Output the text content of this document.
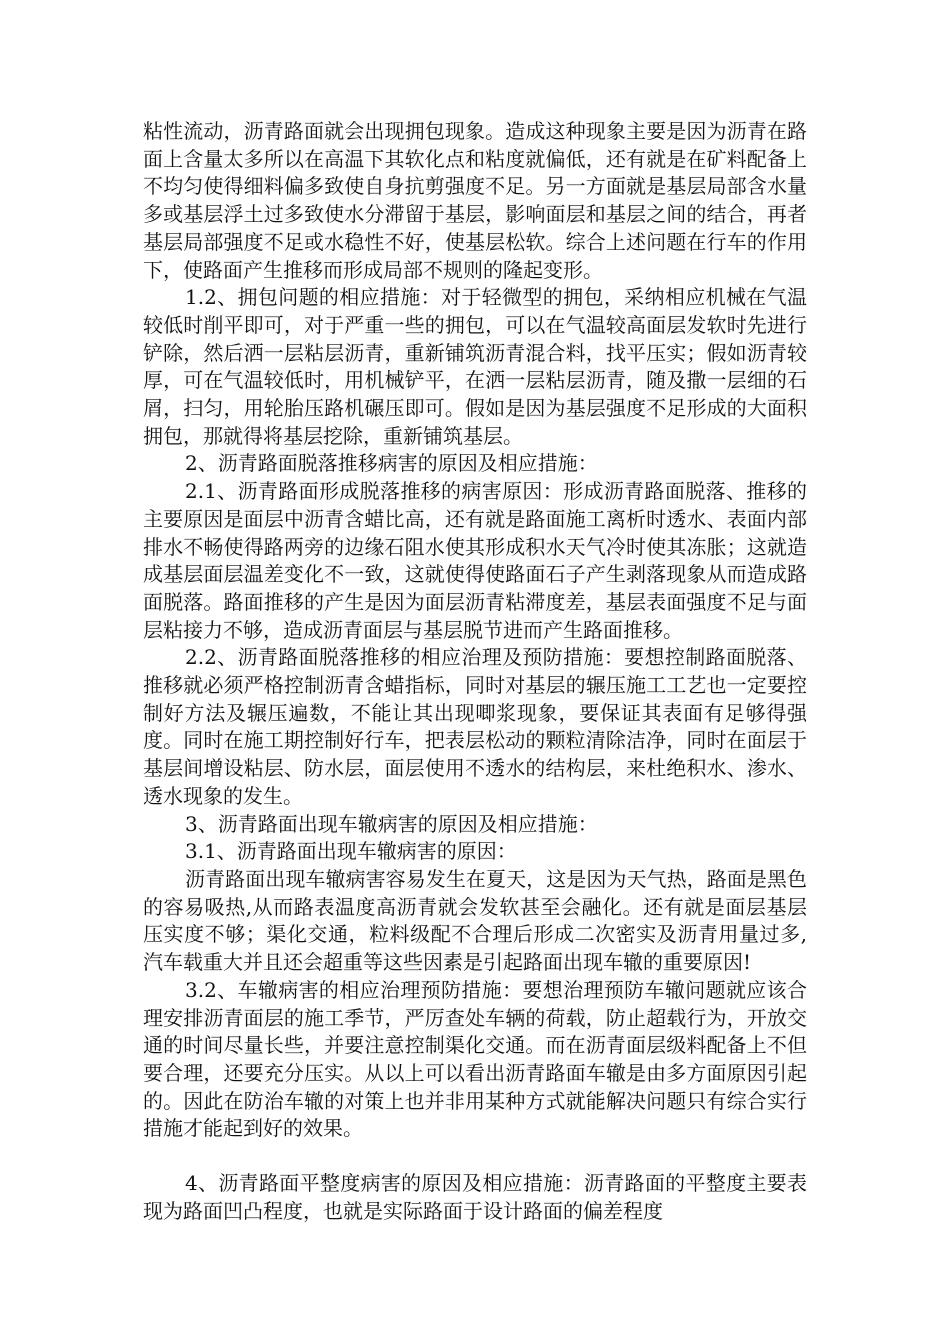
粘性流动，沥青路面就会出现拥包现象。造成这种现象主要是因为沥青在路面上含量太多所以在高温下其软化点和粘度就偏低，还有就是在矿料配备上不均匀使得细料偏多致使自身抗剪强度不足。另一方面就是基层局部含水量多或基层浮土过多致使水分滞留于基层，影响面层和基层之间的结合，再者基层局部强度不足或水稳性不好，使基层松软。综合上述问题在行车的作用下，使路面产生推移而形成局部不规则的隆起变形。

1.2、拥包问题的相应措施：对于轻微型的拥包，采纳相应机械在气温较低时削平即可，对于严重一些的拥包，可以在气温较高面层发软时先进行铲除，然后洒一层粘层沥青，重新铺筑沥青混合料，找平压实；假如沥青较厚，可在气温较低时，用机械铲平，在洒一层粘层沥青，随及撒一层细的石屑，扫匀，用轮胎压路机碾压即可。假如是因为基层强度不足形成的大面积拥包，那就得将基层挖除，重新铺筑基层。

2、沥青路面脱落推移病害的原因及相应措施：

2.1、沥青路面形成脱落推移的病害原因：形成沥青路面脱落、推移的主要原因是面层中沥青含蜡比高，还有就是路面施工离析时透水、表面内部排水不畅使得路两旁的边缘石阻水使其形成积水天气冷时使其冻胀；这就造成基层面层温差变化不一致，这就使得使路面石子产生剥落现象从而造成路面脱落。路面推移的产生是因为面层沥青粘滞度差，基层表面强度不足与面层粘接力不够，造成沥青面层与基层脱节进而产生路面推移。

2.2、沥青路面脱落推移的相应治理及预防措施：要想控制路面脱落、推移就必须严格控制沥青含蜡指标，同时对基层的辗压施工工艺也一定要控制好方法及辗压遍数，不能让其出现唧浆现象，要保证其表面有足够得强度。同时在施工期控制好行车，把表层松动的颗粒清除洁净，同时在面层于基层间增设粘层、防水层，面层使用不透水的结构层，来杜绝积水、渗水、透水现象的发生。

3、沥青路面出现车辙病害的原因及相应措施：

3.1、沥青路面出现车辙病害的原因：

沥青路面出现车辙病害容易发生在夏天，这是因为天气热，路面是黑色的容易吸热,从而路表温度高沥青就会发软甚至会融化。还有就是面层基层压实度不够；渠化交通，粒料级配不合理后形成二次密实及沥青用量过多,汽车载重大并且还会超重等这些因素是引起路面出现车辙的重要原因!

3.2、车辙病害的相应治理预防措施：要想治理预防车辙问题就应该合理安排沥青面层的施工季节，严厉查处车辆的荷载，防止超载行为，开放交通的时间尽量长些，并要注意控制渠化交通。而在沥青面层级料配备上不但要合理，还要充分压实。从以上可以看出沥青路面车辙是由多方面原因引起的。因此在防治车辙的对策上也并非用某种方式就能解决问题只有综合实行措施才能起到好的效果。

4、沥青路面平整度病害的原因及相应措施：沥青路面的平整度主要表现为路面凹凸程度，也就是实际路面于设计路面的偏差程度
